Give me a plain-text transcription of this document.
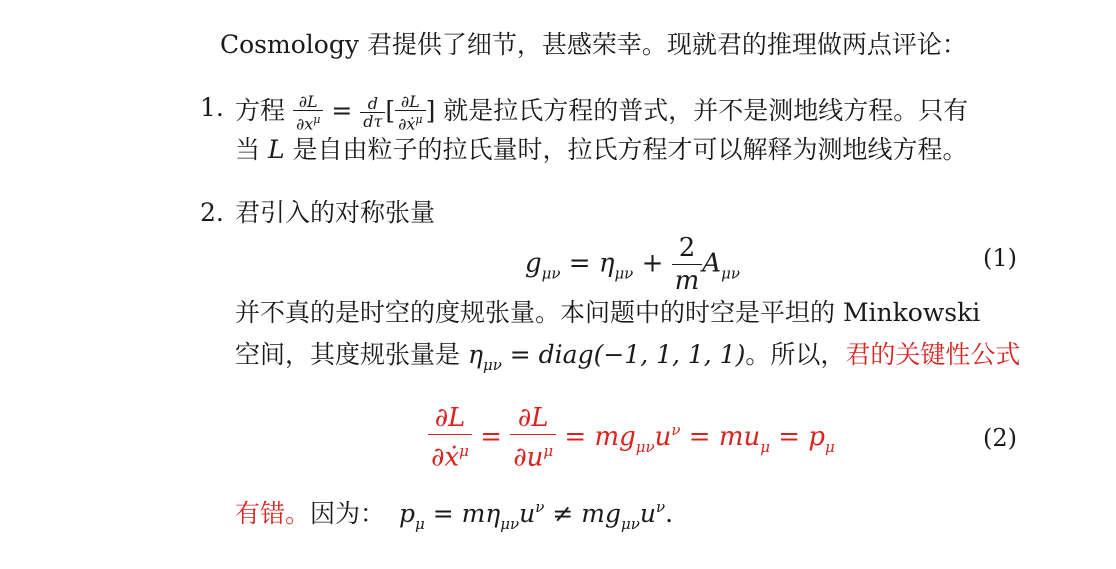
Cosmology 君提供了细节，甚感荣幸。现就君的推理做两点评论：
1. 方程 $\frac{\partial L}{\partial x^\mu} = \frac{d}{d\tau}$ [ $\frac{\partial L}{\partial ẋ^\mu}$ ] 就是拉氏方程的普式，并不是测地线方程。只有
当 L 是自由粒子的拉氏量时，拉氏方程才可以解释为测地线方程。
2. 君引入的对称张量
$g_{\mu\nu} = \eta_{\mu\nu} + \frac{2}{m} A_{\mu\nu}$
(1)
并不真的是时空的度规张量。本问题中的时空是平坦的 Minkowski
空间，其度规张量是 $\eta_{\mu\nu}$ = diag(−1, 1, 1, 1)。所以，君的关键性公式
$\frac{\partial L}{\partial ẋ^\mu} = \frac{\partial L}{\partial u^\mu} = mg_{\mu\nu}u^\nu = mu_\mu = p_\mu$	(2)
有错。因为： $p_\mu = m\eta_{\mu\nu}u^\nu \ne mg_{\mu\nu}u^\nu$.
